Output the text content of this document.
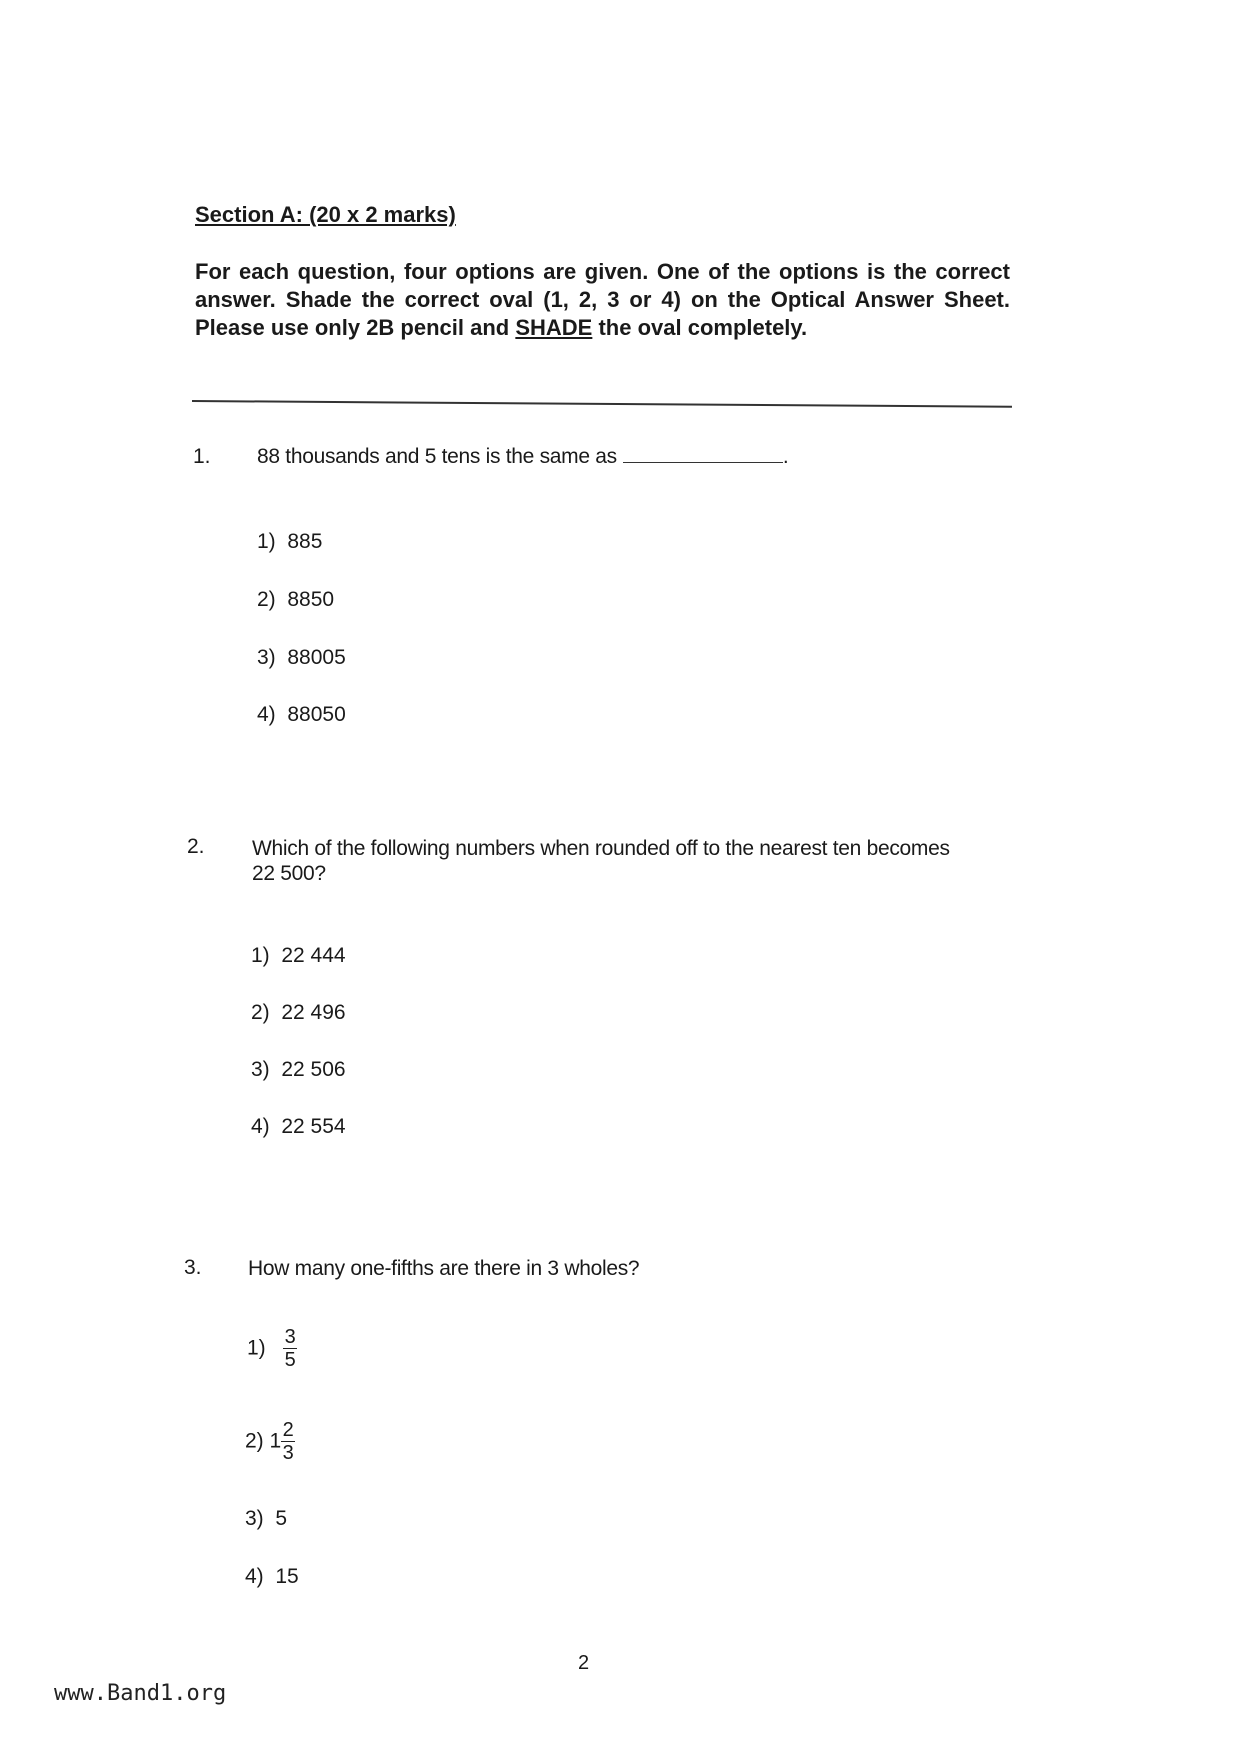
Section A: (20 x 2 marks)
For each question, four options are given. One of the options is the correct answer. Shade the correct oval (1, 2, 3 or 4) on the Optical Answer Sheet. Please use only 2B pencil and SHADE the oval completely.
1. 88 thousands and 5 tens is the same as	.
1) 885
2) 8850
3) 88005
4) 88050
2. Which of the following numbers when rounded off to the nearest ten becomes
22 500?
1) 22 444
2) 22 496
3) 22 506
4) 22 554
3. How many one-fifths are there in 3 wholes?
$1) \frac{3}{5}$
2) $1 \frac{2}{3}$
3) 5
4) 15
2
www.Band1.org
